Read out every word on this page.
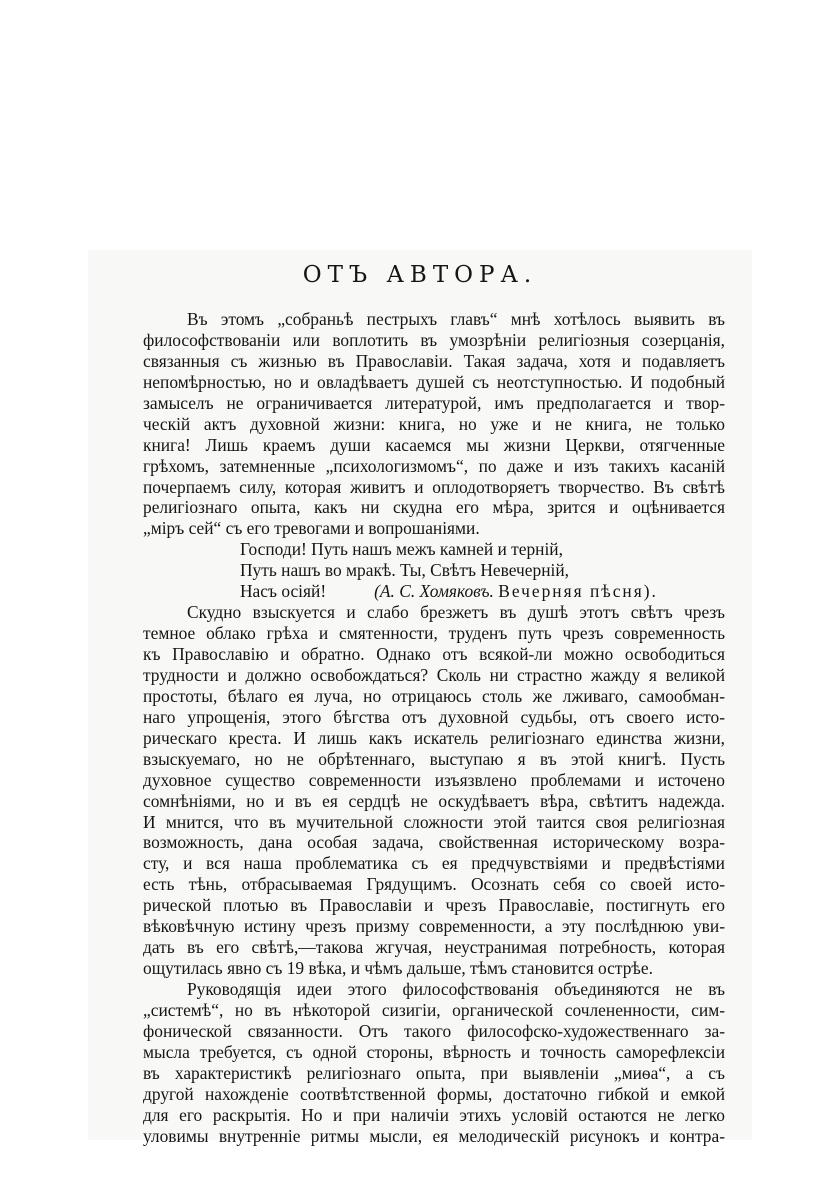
ОТЪ АВТОРА.
Въ этомъ „собраньѣ пестрыхъ главъ“ мнѣ хотѣлось выявить въ
философствованіи или воплотить въ умозрѣніи религіозныя созерцанія,
связанныя съ жизнью въ Православіи. Такая задача, хотя и подавляетъ
непомѣрностью, но и овладѣваетъ душей съ неотступностью. И подобный
замыселъ не ограничивается литературой, имъ предполагается и твор-
ческій актъ духовной жизни: книга, но уже и не книга, не только
книга! Лишь краемъ души касаемся мы жизни Церкви, отягченные
грѣхомъ, затемненные „психологизмомъ“, по даже и изъ такихъ касаній
почерпаемъ силу, которая живитъ и оплодотворяетъ творчество. Въ свѣтѣ
религіознаго опыта, какъ ни скудна его мѣра, зрится и оцѣнивается
„міръ сей“ съ его тревогами и вопрошаніями.
Господи! Путь нашъ межъ камней и терній,
Путь нашъ во мракѣ. Ты, Свѣтъ Невечерній,
Насъ осіяй!	(А. С. Хомяковъ. Вечерняя пѣсня).
Скудно взыскуется и слабо брезжетъ въ душѣ этотъ свѣтъ чрезъ
темное облако грѣха и смятенности, труденъ путь чрезъ современность
къ Православію и обратно. Однако отъ всякой-ли можно освободиться
трудности и должно освобождаться? Сколь ни страстно жажду я великой
простоты, бѣлаго ея луча, но отрицаюсь столь же лживаго, самообман-
наго упрощенія, этого бѣгства отъ духовной судьбы, отъ своего исто-
рическаго креста. И лишь какъ искатель религіознаго единства жизни,
взыскуемаго, но не обрѣтеннаго, выступаю я въ этой книгѣ. Пусть
духовное существо современности изъязвлено проблемами и источено
сомнѣніями, но и въ ея сердцѣ не оскудѣваетъ вѣра, свѣтитъ надежда.
И мнится, что въ мучительной сложности этой таится своя религіозная
возможность, дана особая задача, свойственная историческому возра-
сту, и вся наша проблематика съ ея предчувствіями и предвѣстіями
есть тѣнь, отбрасываемая Грядущимъ. Осознать себя со своей исто-
рической плотью въ Православіи и чрезъ Православіе, постигнуть его
вѣковѣчную истину чрезъ призму современности, а эту послѣднюю уви-
дать въ его свѣтѣ,—такова жгучая, неустранимая потребность, которая
ощутилась явно съ 19 вѣка, и чѣмъ дальше, тѣмъ становится острѣе.
Руководящія идеи этого философствованія объединяются не въ
„системѣ“, но въ нѣкоторой сизигіи, органической сочлененности, сим-
фонической связанности. Отъ такого философско-художественнаго за-
мысла требуется, съ одной стороны, вѣрность и точность саморефлексіи
въ характеристикѣ религіознаго опыта, при выявленіи „миѳа“, а съ
другой нахожденіе соотвѣтственной формы, достаточно гибкой и емкой
для его раскрытія. Но и при наличіи этихъ условій остаются не легко
уловимы внутренніе ритмы мысли, ея мелодическій рисунокъ и контра-
